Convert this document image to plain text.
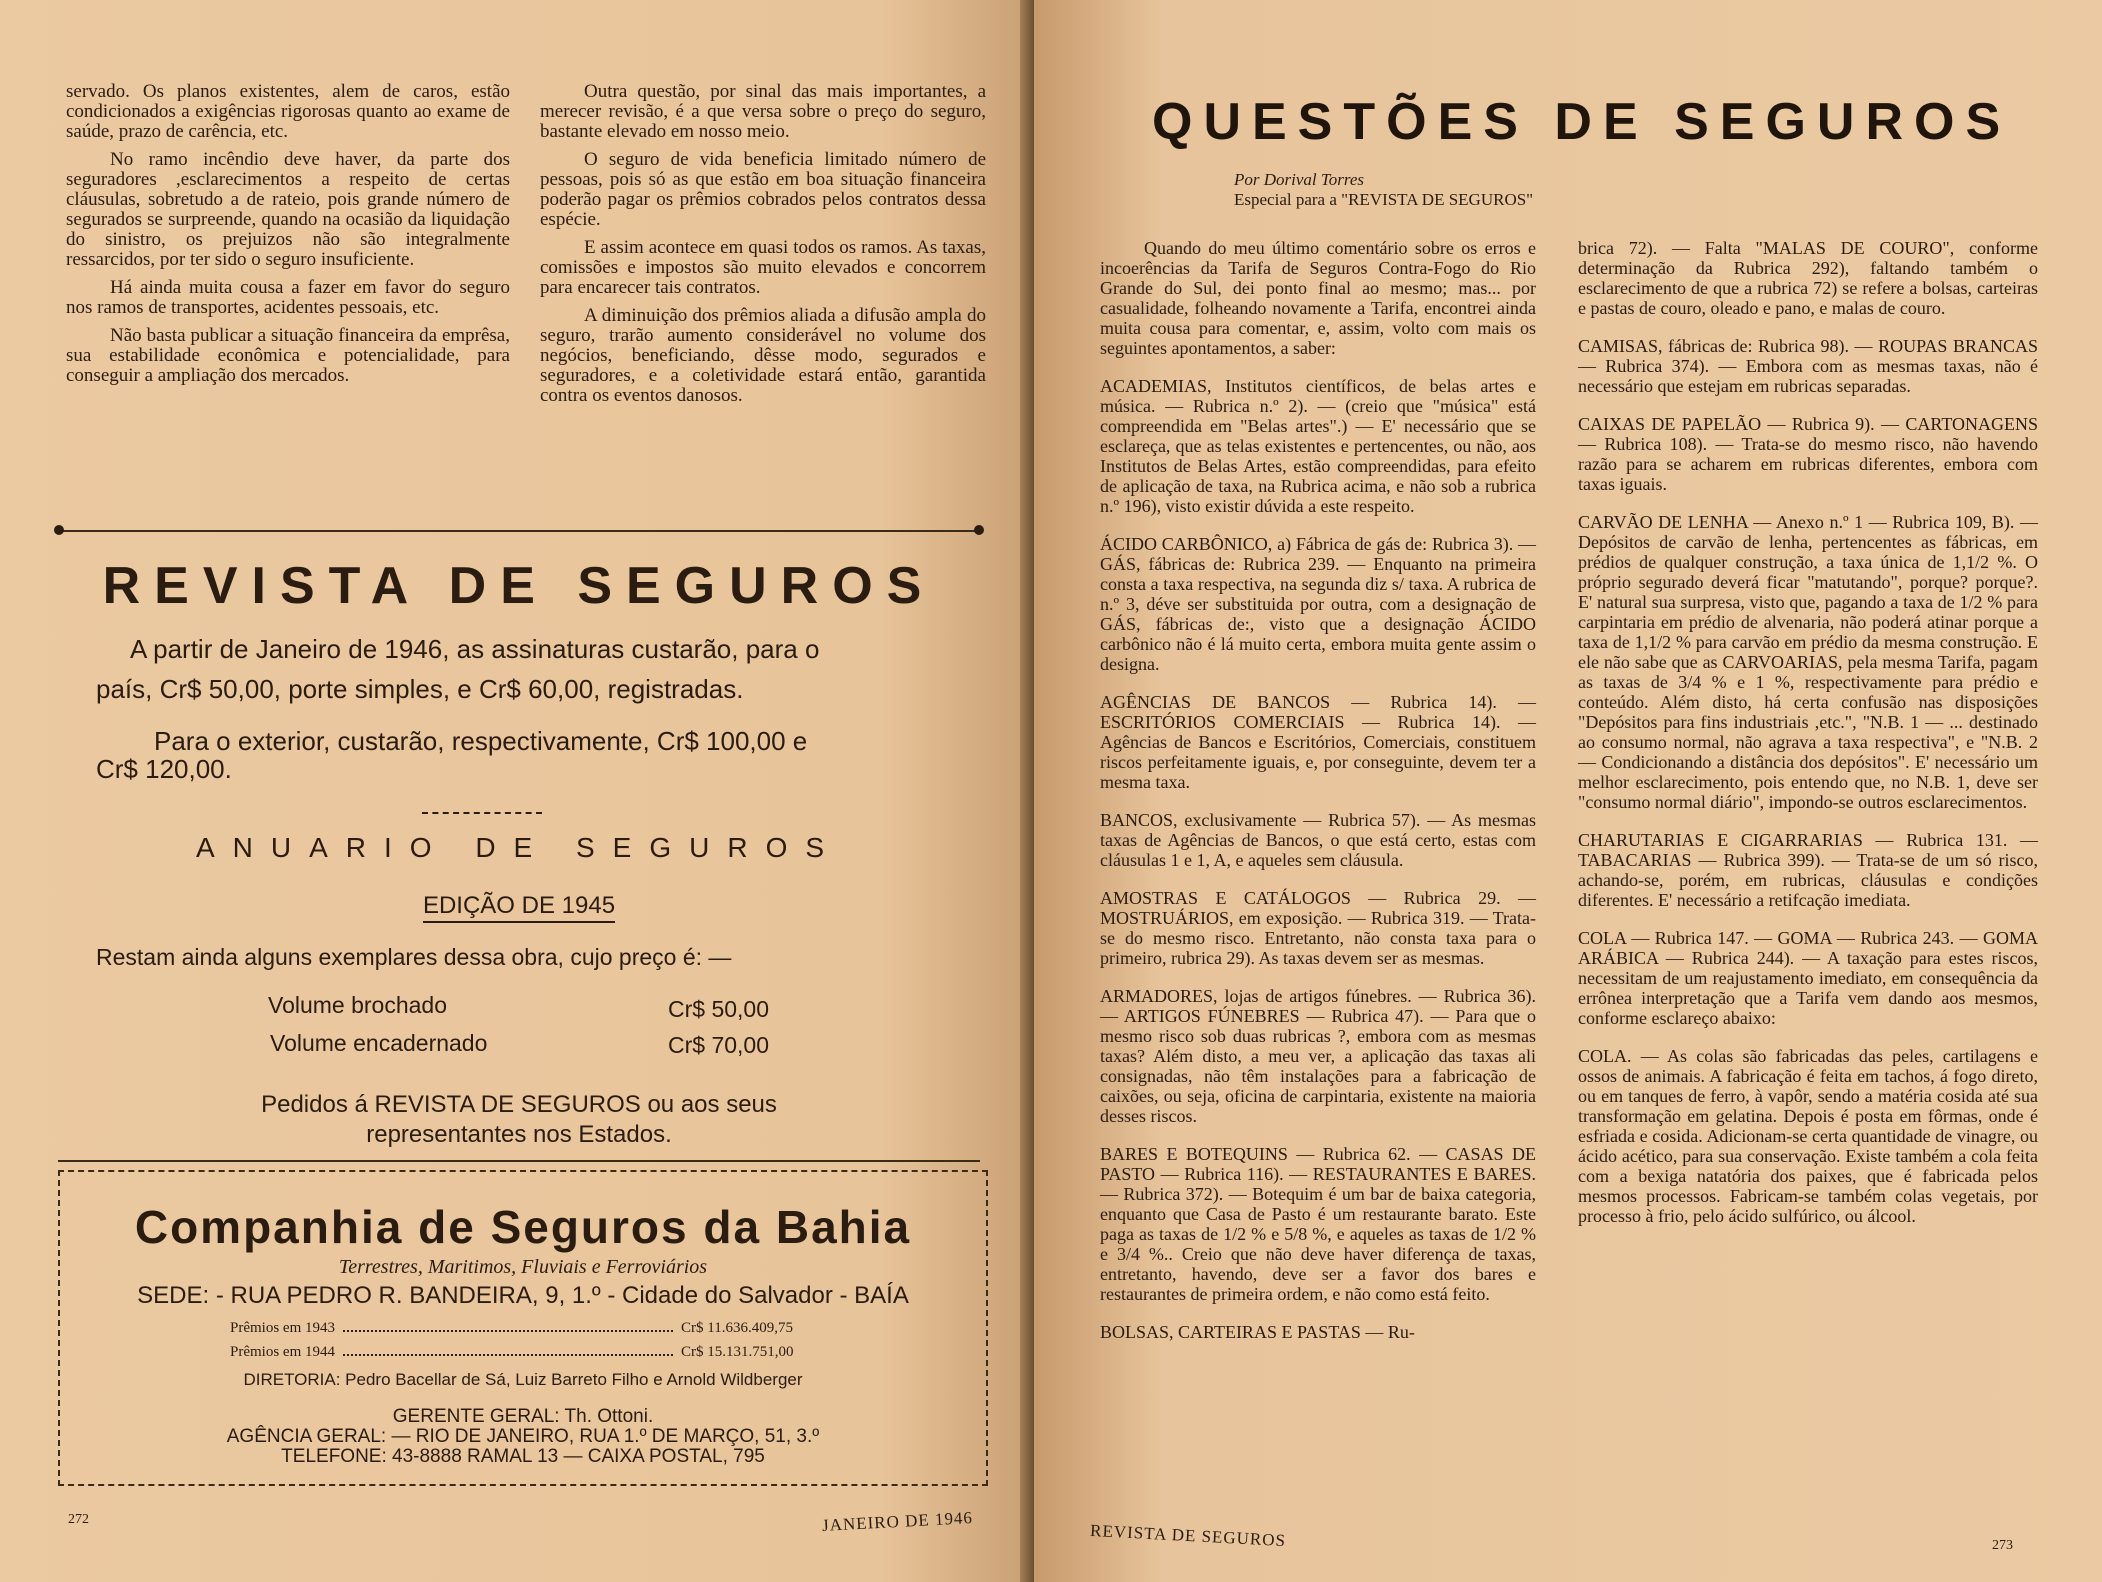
servado. Os planos existentes, alem de caros, estão condicionados a exigências rigorosas quanto ao exame de saúde, prazo de carência, etc.

No ramo incêndio deve haver, da parte dos seguradores ,esclarecimentos a respeito de certas cláusulas, sobretudo a de rateio, pois grande número de segurados se surpreende, quando na ocasião da liquidação do sinistro, os prejuizos não são integralmente ressarcidos, por ter sido o seguro insuficiente.

Há ainda muita cousa a fazer em favor do seguro nos ramos de transportes, acidentes pessoais, etc.

Não basta publicar a situação financeira da emprêsa, sua estabilidade econômica e potencialidade, para conseguir a ampliação dos mercados.

Outra questão, por sinal das mais importantes, a merecer revisão, é a que versa sobre o preço do seguro, bastante elevado em nosso meio.

O seguro de vida beneficia limitado número de pessoas, pois só as que estão em boa situação financeira poderão pagar os prêmios cobrados pelos contratos dessa espécie.

E assim acontece em quasi todos os ramos. As taxas, comissões e impostos são muito elevados e concorrem para encarecer tais contratos.

A diminuição dos prêmios aliada a difusão ampla do seguro, trarão aumento considerável no volume dos negócios, beneficiando, dêsse modo, segurados e seguradores, e a coletividade estará então, garantida contra os eventos danosos.

REVISTA DE SEGUROS
A partir de Janeiro de 1946, as assinaturas custarão, para o
país, Cr$ 50,00, porte simples, e Cr$ 60,00, registradas.
Para o exterior, custarão, respectivamente, Cr$ 100,00 e
Cr$ 120,00.
ANUARIO DE SEGUROS
EDIÇÃO DE 1945
Restam ainda alguns exemplares dessa obra, cujo preço é: —
Volume brochado	Cr$ 50,00
Volume encadernado	Cr$ 70,00
Pedidos á REVISTA DE SEGUROS ou aos seus
representantes nos Estados.
Companhia de Seguros da Bahia
Terrestres, Maritimos, Fluviais e Ferroviários
SEDE: - RUA PEDRO R. BANDEIRA, 9, 1.º - Cidade do Salvador - BAÍA
Prêmios em 1943	Cr$ 11.636.409,75
Prêmios em 1944	Cr$ 15.131.751,00
DIRETORIA: Pedro Bacellar de Sá, Luiz Barreto Filho e Arnold Wildberger
GERENTE GERAL: Th. Ottoni.
AGÊNCIA GERAL: — RIO DE JANEIRO, RUA 1.º DE MARÇO, 51, 3.º
TELEFONE: 43-8888 RAMAL 13 — CAIXA POSTAL, 795
272	JANEIRO DE 1946
QUESTÕES DE SEGUROS
Por Dorival Torres
Especial para a "REVISTA DE SEGUROS"

Quando do meu último comentário sobre os erros e incoerências da Tarifa de Seguros Contra-Fogo do Rio Grande do Sul, dei ponto final ao mesmo; mas... por casualidade, folheando novamente a Tarifa, encontrei ainda muita cousa para comentar, e, assim, volto com mais os seguintes apontamentos, a saber:

ACADEMIAS, Institutos científicos, de belas artes e música. — Rubrica n.º 2). — (creio que "música" está compreendida em "Belas artes".) — E' necessário que se esclareça, que as telas existentes e pertencentes, ou não, aos Institutos de Belas Artes, estão compreendidas, para efeito de aplicação de taxa, na Rubrica acima, e não sob a rubrica n.º 196), visto existir dúvida a este respeito.

ÁCIDO CARBÔNICO, a) Fábrica de gás de: Rubrica 3). — GÁS, fábricas de: Rubrica 239. — Enquanto na primeira consta a taxa respectiva, na segunda diz s/ taxa. A rubrica de n.º 3, déve ser substituida por outra, com a designação de GÁS, fábricas de:, visto que a designação ÁCIDO carbônico não é lá muito certa, embora muita gente assim o designa.

AGÊNCIAS DE BANCOS — Rubrica 14). — ESCRITÓRIOS COMERCIAIS — Rubrica 14). — Agências de Bancos e Escritórios, Comerciais, constituem riscos perfeitamente iguais, e, por conseguinte, devem ter a mesma taxa.

BANCOS, exclusivamente — Rubrica 57). — As mesmas taxas de Agências de Bancos, o que está certo, estas com cláusulas 1 e 1, A, e aqueles sem cláusula.

AMOSTRAS E CATÁLOGOS — Rubrica 29. — MOSTRUÁRIOS, em exposição. — Rubrica 319. — Trata-se do mesmo risco. Entretanto, não consta taxa para o primeiro, rubrica 29). As taxas devem ser as mesmas.

ARMADORES, lojas de artigos fúnebres. — Rubrica 36). — ARTIGOS FÚNEBRES — Rubrica 47). — Para que o mesmo risco sob duas rubricas ?, embora com as mesmas taxas? Além disto, a meu ver, a aplicação das taxas ali consignadas, não têm instalações para a fabricação de caixões, ou seja, oficina de carpintaria, existente na maioria desses riscos.

BARES E BOTEQUINS — Rubrica 62. — CASAS DE PASTO — Rubrica 116). — RESTAURANTES E BARES. — Rubrica 372). — Botequim é um bar de baixa categoria, enquanto que Casa de Pasto é um restaurante barato. Este paga as taxas de 1/2 % e 5/8 %, e aqueles as taxas de 1/2 % e 3/4 %.. Creio que não deve haver diferença de taxas, entretanto, havendo, deve ser a favor dos bares e restaurantes de primeira ordem, e não como está feito.

BOLSAS, CARTEIRAS E PASTAS — Ru-

brica 72). — Falta "MALAS DE COURO", conforme determinação da Rubrica 292), faltando também o esclarecimento de que a rubrica 72) se refere a bolsas, carteiras e pastas de couro, oleado e pano, e malas de couro.

CAMISAS, fábricas de: Rubrica 98). — ROUPAS BRANCAS — Rubrica 374). — Embora com as mesmas taxas, não é necessário que estejam em rubricas separadas.

CAIXAS DE PAPELÃO — Rubrica 9). — CARTONAGENS — Rubrica 108). — Trata-se do mesmo risco, não havendo razão para se acharem em rubricas diferentes, embora com taxas iguais.

CARVÃO DE LENHA — Anexo n.º 1 — Rubrica 109, B). — Depósitos de carvão de lenha, pertencentes as fábricas, em prédios de qualquer construção, a taxa única de 1,1/2 %. O próprio segurado deverá ficar "matutando", porque? porque?. E' natural sua surpresa, visto que, pagando a taxa de 1/2 % para carpintaria em prédio de alvenaria, não poderá atinar porque a taxa de 1,1/2 % para carvão em prédio da mesma construção. E ele não sabe que as CARVOARIAS, pela mesma Tarifa, pagam as taxas de 3/4 % e 1 %, respectivamente para prédio e conteúdo. Além disto, há certa confusão nas disposições "Depósitos para fins industriais ,etc.", "N.B. 1 — ... destinado ao consumo normal, não agrava a taxa respectiva", e "N.B. 2 — Condicionando a distância dos depósitos". E' necessário um melhor esclarecimento, pois entendo que, no N.B. 1, deve ser "consumo normal diário", impondo-se outros esclarecimentos.

CHARUTARIAS E CIGARRARIAS — Rubrica 131. — TABACARIAS — Rubrica 399). — Trata-se de um só risco, achando-se, porém, em rubricas, cláusulas e condições diferentes. E' necessário a retifcação imediata.

COLA — Rubrica 147. — GOMA — Rubrica 243. — GOMA ARÁBICA — Rubrica 244). — A taxação para estes riscos, necessitam de um reajustamento imediato, em consequência da errônea interpretação que a Tarifa vem dando aos mesmos, conforme esclareço abaixo:

COLA. — As colas são fabricadas das peles, cartilagens e ossos de animais. A fabricação é feita em tachos, á fogo direto, ou em tanques de ferro, à vapôr, sendo a matéria cosida até sua transformação em gelatina. Depois é posta em fôrmas, onde é esfriada e cosida. Adicionam-se certa quantidade de vinagre, ou ácido acético, para sua conservação. Existe também a cola feita com a bexiga natatória dos paixes, que é fabricada pelos mesmos processos. Fabricam-se também colas vegetais, por processo à frio, pelo ácido sulfúrico, ou álcool.

REVISTA DE SEGUROS	273
